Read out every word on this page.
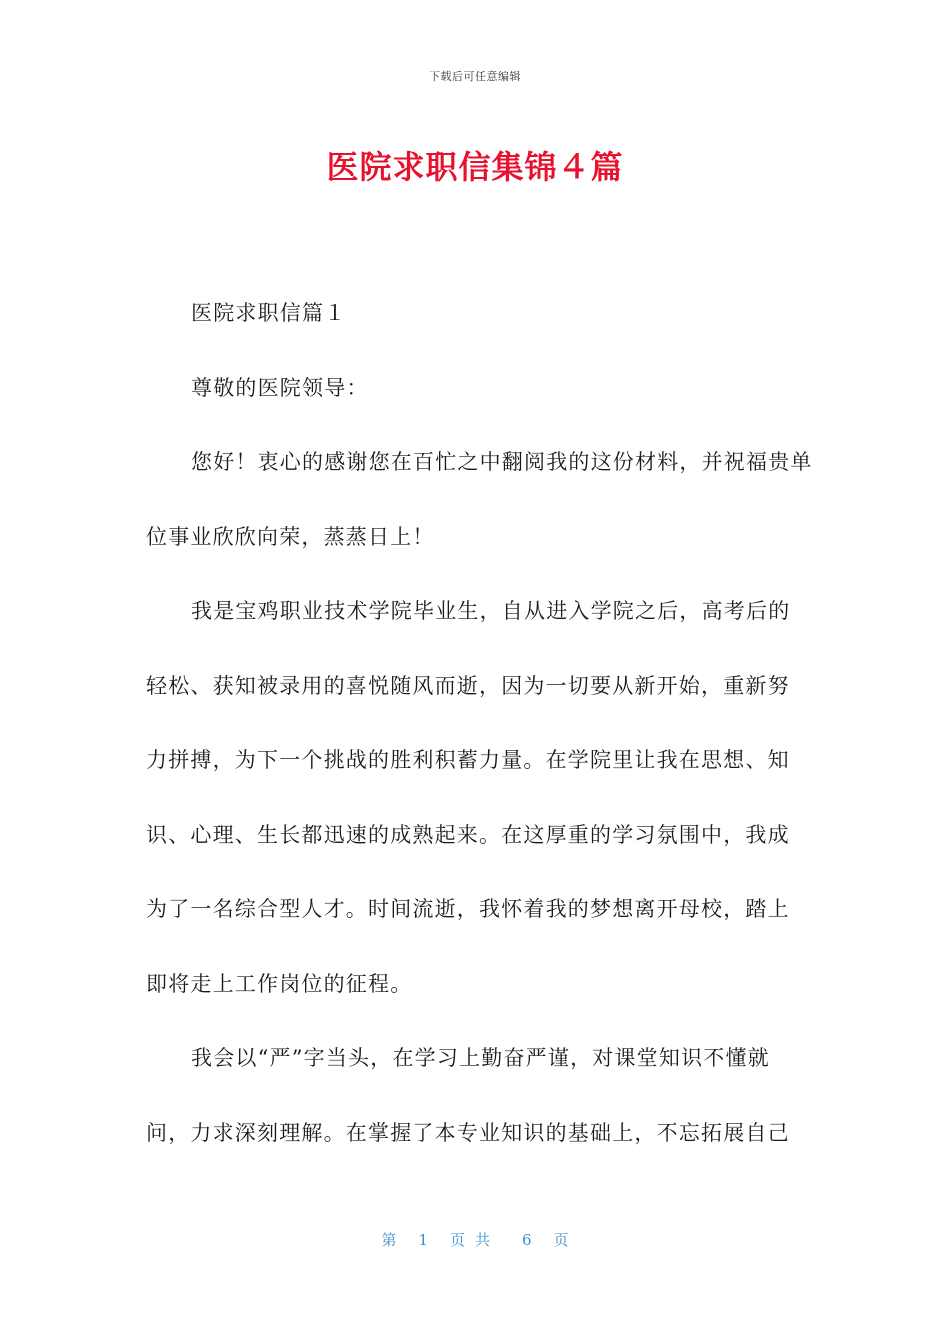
下载后可任意编辑
医院求职信集锦４篇
医院求职信篇１
尊敬的医院领导：
您好！衷心的感谢您在百忙之中翻阅我的这份材料，并祝福贵单
位事业欣欣向荣，蒸蒸日上！
我是宝鸡职业技术学院毕业生，自从进入学院之后，高考后的
轻松、获知被录用的喜悦随风而逝，因为一切要从新开始，重新努
力拼搏，为下一个挑战的胜利积蓄力量。在学院里让我在思想、知
识、心理、生长都迅速的成熟起来。在这厚重的学习氛围中，我成
为了一名综合型人才。时间流逝，我怀着我的梦想离开母校，踏上
即将走上工作岗位的征程。
我会以“严”字当头，在学习上勤奋严谨，对课堂知识不懂就
问，力求深刻理解。在掌握了本专业知识的基础上，不忘拓展自己
第 1 页共 6 页
